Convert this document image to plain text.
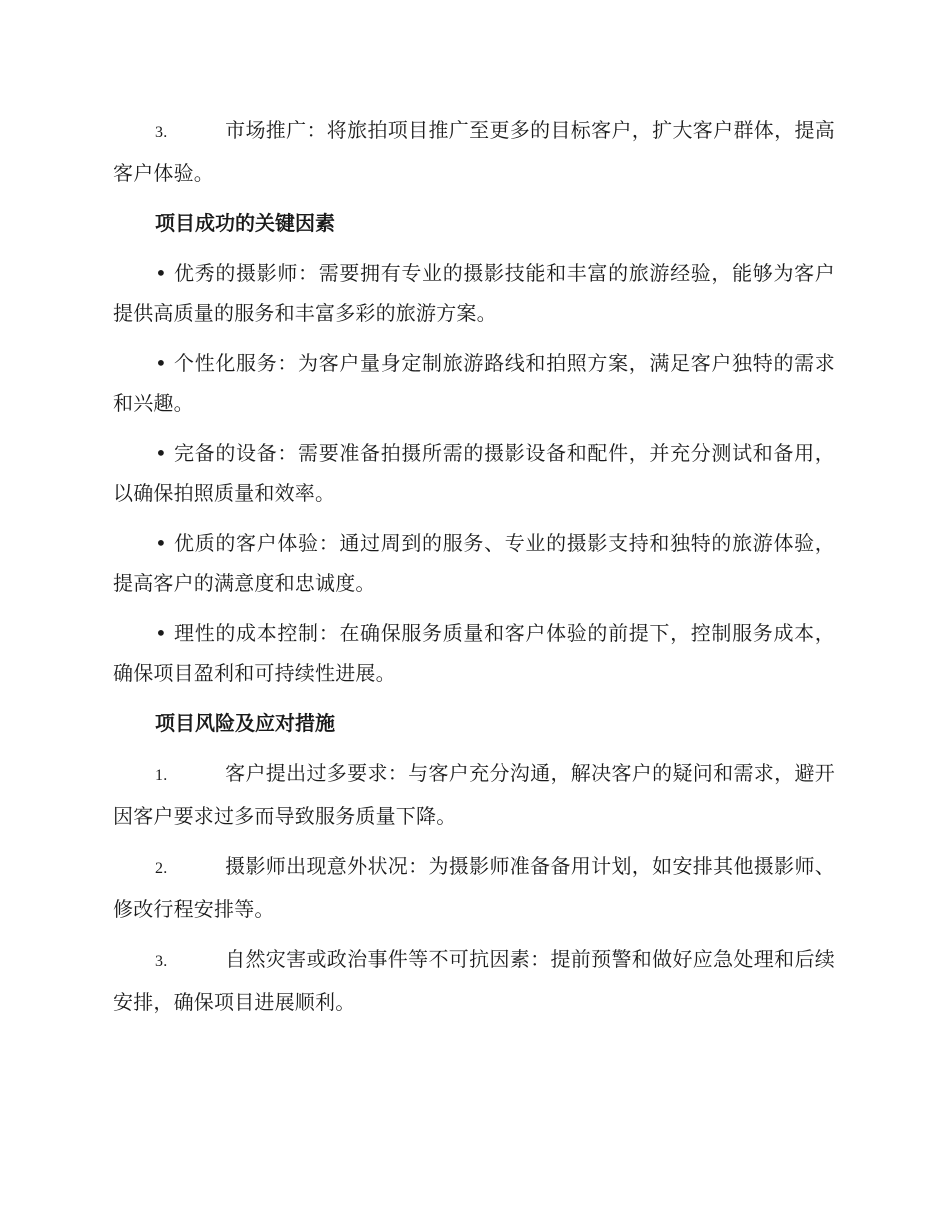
3.	市场推广：将旅拍项目推广至更多的目标客户，扩大客户群体，提高客户体验。

项目成功的关键因素

• 优秀的摄影师：需要拥有专业的摄影技能和丰富的旅游经验，能够为客户提供高质量的服务和丰富多彩的旅游方案。

• 个性化服务：为客户量身定制旅游路线和拍照方案，满足客户独特的需求和兴趣。

• 完备的设备：需要准备拍摄所需的摄影设备和配件，并充分测试和备用，以确保拍照质量和效率。

• 优质的客户体验：通过周到的服务、专业的摄影支持和独特的旅游体验，提高客户的满意度和忠诚度。

• 理性的成本控制：在确保服务质量和客户体验的前提下，控制服务成本，确保项目盈利和可持续性进展。

项目风险及应对措施

1.	客户提出过多要求：与客户充分沟通，解决客户的疑问和需求，避开因客户要求过多而导致服务质量下降。

2.	摄影师出现意外状况：为摄影师准备备用计划，如安排其他摄影师、修改行程安排等。

3.	自然灾害或政治事件等不可抗因素：提前预警和做好应急处理和后续安排，确保项目进展顺利。
